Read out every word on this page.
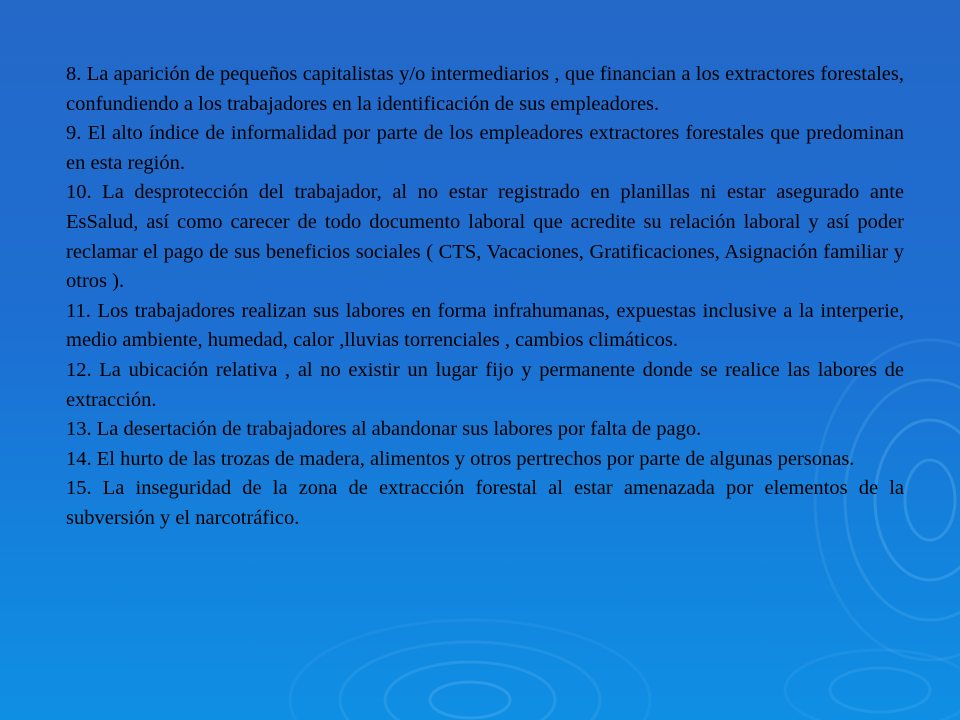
8. La aparición de pequeños capitalistas y/o intermediarios , que financian a los extractores forestales, confundiendo a los trabajadores en la identificación de sus empleadores.

9. El alto índice de informalidad por parte de los empleadores extractores forestales que predominan en esta región.

10. La desprotección del trabajador, al no estar registrado en planillas ni estar asegurado ante EsSalud, así como carecer de todo documento laboral que acredite su relación laboral y así poder reclamar el pago de sus beneficios sociales ( CTS, Vacaciones, Gratificaciones, Asignación familiar y otros ).

11. Los trabajadores realizan sus labores en forma infrahumanas, expuestas inclusive a la interperie, medio ambiente, humedad, calor ,lluvias torrenciales , cambios climáticos.

12. La ubicación relativa , al no existir un lugar fijo y permanente donde se realice las labores de extracción.

13. La desertación de trabajadores al abandonar sus labores por falta de pago.

14. El hurto de las trozas de madera, alimentos y otros pertrechos por parte de algunas personas.

15. La inseguridad de la zona de extracción forestal al estar amenazada por elementos de la subversión y el narcotráfico.
